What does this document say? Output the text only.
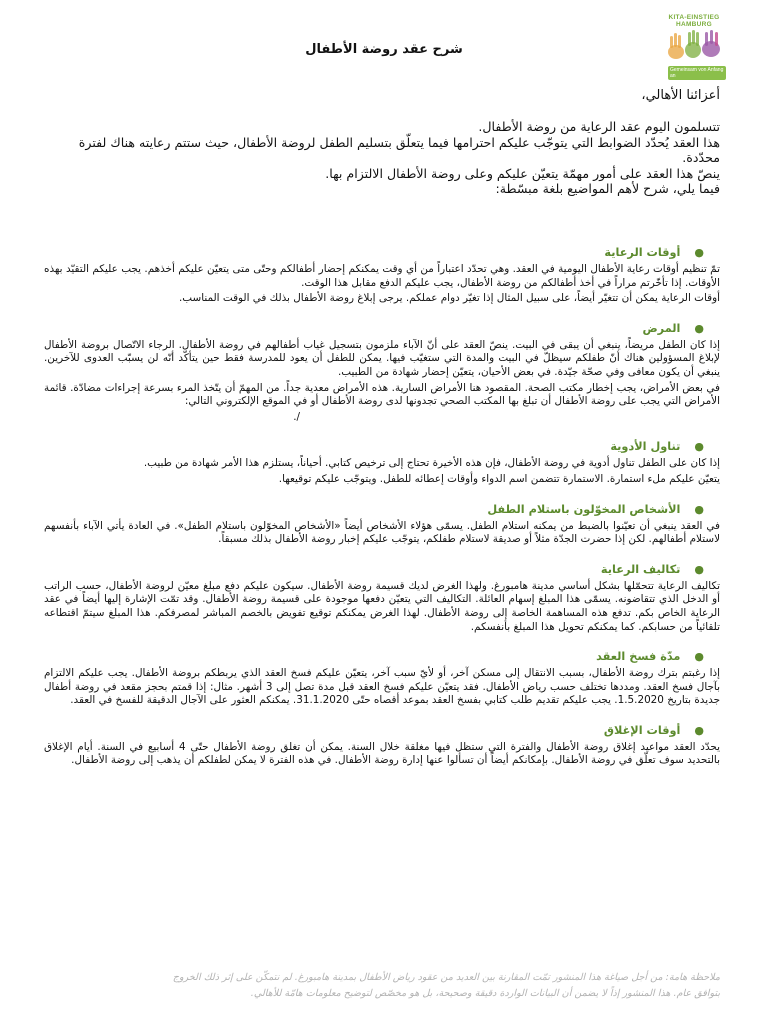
KITA-EINSTIEG
HAMBURG
Gemeinsam von Anfang an
شرح عقد روضة الأطفال
أعزائنا الأهالي،

تتسلمون اليوم عقد الرعاية من روضة الأطفال.

هذا العقد يُحدّد الضوابط التي يتوجّب عليكم احترامها فيما يتعلّق بتسليم الطفل لروضة الأطفال، حيث ستتم رعايته هناك لفترة محدّدة.

ينصّ هذا العقد على أمور مهمّة يتعيّن عليكم وعلى روضة الأطفال الالتزام بها.

فيما يلي، شرح لأهم المواضيع بلغة مبسّطة:

●
أوقات الرعاية

تمّ تنظيم أوقات رعاية الأطفال اليومية في العقد. وهي تحدّد اعتباراً من أي وقت يمكنكم إحضار أطفالكم وحتّى متى يتعيّن عليكم أخذهم. يجب عليكم التقيّد بهذه الأوقات. إذا تأخّرتم مراراً في أخذ أطفالكم من روضة الأطفال، يجب عليكم الدفع مقابل هذا الوقت.

أوقات الرعاية يمكن أن تتغيّر أيضاً، على سبيل المثال إذا تغيّر دوام عملكم. يرجى إبلاغ روضة الأطفال بذلك في الوقت المناسب.

●
المرض

إذا كان الطفل مريضاً، ينبغي أن يبقى في البيت. ينصّ العقد على أنّ الآباء ملزمون بتسجيل غياب أطفالهم في روضة الأطفال. الرجاء الاتّصال بروضة الأطفال لإبلاغ المسؤولين هناك أنّ طفلكم سيظلّ في البيت والمدة التي ستغيّب فيها. يمكن للطفل أن يعود للمدرسة فقط حين يتأكّد أنّه لن يسبّب العدوى للآخرين. ينبغي أن يكون معافى وفي صحّة جيّدة. في بعض الأحيان، يتعيّن إحضار شهادة من الطبيب.

في بعض الأمراض، يجب إخطار مكتب الصحة. المقصود هنا الأمراض السارية. هذه الأمراض معدية جداً. من المهمّ أن يتّخذ المرء بسرعة إجراءات مضادّة. قائمة الأمراض التي يجب على روضة الأطفال أن تبلغ بها المكتب الصحي تجدونها لدى روضة الأطفال أو في الموقع الإلكتروني التالي:

/.

●
تناول الأدوية

إذا كان على الطفل تناول أدوية في روضة الأطفال، فإن هذه الأخيرة تحتاج إلى ترخيص كتابي. أحياناً، يستلزم هذا الأمر شهادة من طبيب.

يتعيّن عليكم ملء استمارة. الاستمارة تتضمن اسم الدواء وأوقات إعطائه للطفل. ويتوجّب عليكم توقيعها.

●
الأشخاص المخوّلون باستلام الطفل

في العقد ينبغي أن تعيّنوا بالضبط من يمكنه استلام الطفل. يسمّى هؤلاء الأشخاص أيضاً «الأشخاص المخوّلون باستلام الطفل». في العادة يأتي الآباء بأنفسهم لاستلام أطفالهم. لكن إذا حضرت الجدّة مثلاً أو صديقة لاستلام طفلكم، يتوجّب عليكم إخبار روضة الأطفال بذلك مسبقاً.

●
تكاليف الرعاية

تكاليف الرعاية تتحمّلها بشكل أساسي مدينة هامبورغ. ولهذا الغرض لديك قسيمة روضة الأطفال. سيكون عليكم دفع مبلغ معيّن لروضة الأطفال، حسب الراتب أو الدخل الذي تتقاضونه. يسمّى هذا المبلغ إسهام العائلة. التكاليف التي يتعيّن دفعها موجودة على قسيمة روضة الأطفال. وقد تمّت الإشارة إليها أيضاً في عقد الرعاية الخاص بكم. تدفع هذه المساهمة الخاصة إلى روضة الأطفال. لهذا الغرض يمكنكم توقيع تفويض بالخصم المباشر لمصرفكم. هذا المبلغ سيتمّ اقتطاعه تلقائياً من حسابكم. كما يمكنكم تحويل هذا المبلغ بأنفسكم.

●
مدّة فسخ العقد

إذا رغبتم بترك روضة الأطفال، بسبب الانتقال إلى مسكن آخر، أو لأيّ سبب آخر، يتعيّن عليكم فسخ العقد الذي يربطكم بروضة الأطفال. يجب عليكم الالتزام بآجال فسخ العقد. ومددها تختلف حسب رياض الأطفال. فقد يتعيّن عليكم فسخ العقد قبل مدة تصل إلى 3 أشهر. مثال: إذا قمتم بحجز مقعد في روضة أطفال جديدة بتاريخ 1.5.2020. يجب عليكم تقديم طلب كتابي بفسخ العقد بموعد أقصاه حتّى 31.1.2020. يمكنكم العثور على الآجال الدقيقة للفسخ في العقد.

●
أوقات الإغلاق

يحدّد العقد مواعيد إغلاق روضة الأطفال والفترة التي ستظل فيها مغلقة خلال السنة. يمكن أن تغلق روضة الأطفال حتّى 4 أسابيع في السنة. أيام الإغلاق بالتحديد سوف تعلّق في روضة الأطفال. بإمكانكم أيضاً أن تسألوا عنها إدارة روضة الأطفال. في هذه الفترة لا يمكن لطفلكم أن يذهب إلى روضة الأطفال.

ملاحظة هامة: من أجل صياغة هذا المنشور تمّت المقارنة بين العديد من عقود رياض الأطفال بمدينة هامبورغ. لم نتمكّن على إثر ذلك الخروج

بتوافق عام. هذا المنشور إذاً لا يضمن أن البيانات الواردة دقيقة وصحيحة، بل هو مخصّص لتوضيح معلومات هامّة للأهالي.
